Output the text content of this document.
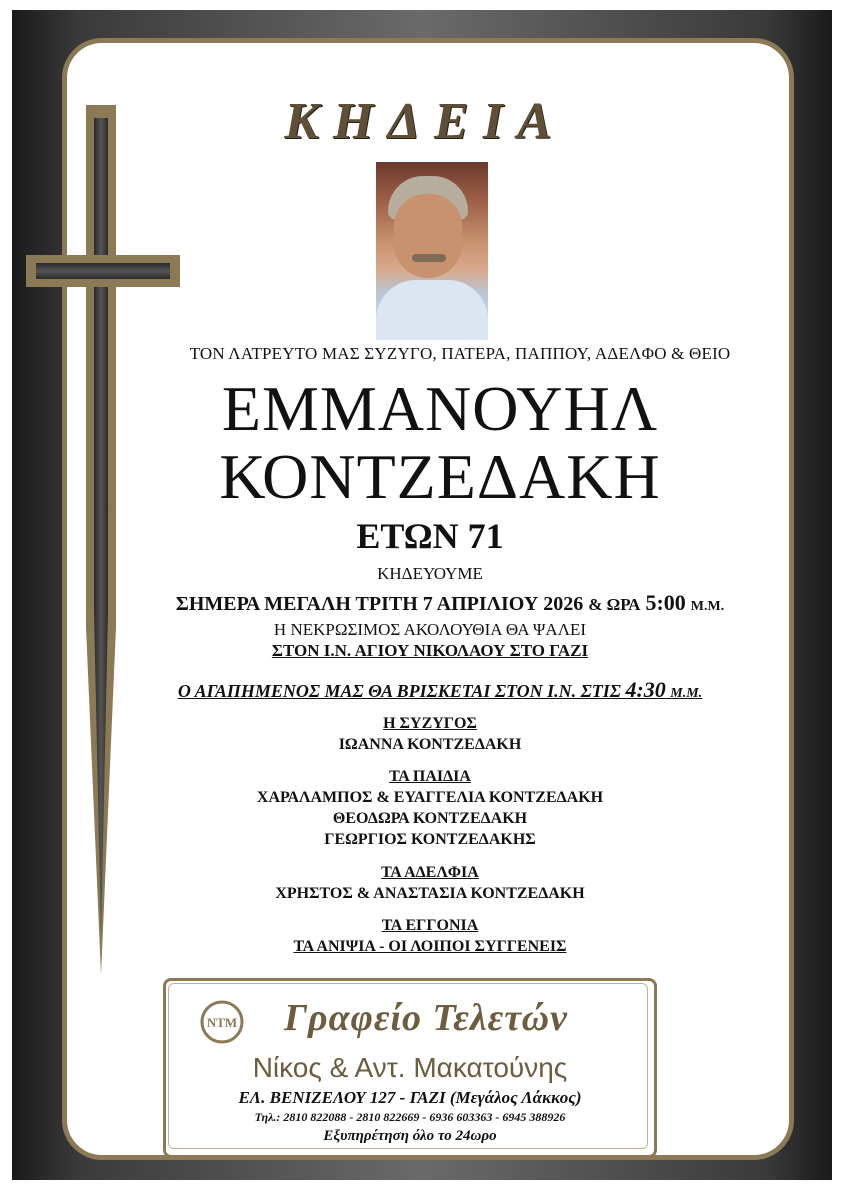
ΚΗΔΕΙΑ
ΤΟΝ ΛΑΤΡΕΥΤΟ ΜΑΣ ΣΥΖΥΓΟ, ΠΑΤΕΡΑ, ΠΑΠΠΟΥ, ΑΔΕΛΦΟ & ΘΕΙΟ
ΕΜΜΑΝΟΥΗΛ
ΚΟΝΤΖΕΔΑΚΗ
ΕΤΩΝ 71
ΚΗΔΕΥΟΥΜΕ
ΣΗΜΕΡΑ ΜΕΓΑΛΗ ΤΡΙΤΗ 7 ΑΠΡΙΛΙΟΥ 2026 & ΩΡΑ 5:00 Μ.Μ.
Η ΝΕΚΡΩΣΙΜΟΣ ΑΚΟΛΟΥΘΙΑ ΘΑ ΨΑΛΕΙ
ΣΤΟΝ Ι.Ν. ΑΓΙΟΥ ΝΙΚΟΛΑΟΥ ΣΤΟ ΓΑΖΙ
Ο ΑΓΑΠΗΜΕΝΟΣ ΜΑΣ ΘΑ ΒΡΙΣΚΕΤΑΙ ΣΤΟΝ Ι.Ν. ΣΤΙΣ 4:30 Μ.Μ.
Η ΣΥΖΥΓΟΣ
ΙΩΑΝΝΑ ΚΟΝΤΖΕΔΑΚΗ
ΤΑ ΠΑΙΔΙΑ
ΧΑΡΑΛΑΜΠΟΣ & ΕΥΑΓΓΕΛΙΑ ΚΟΝΤΖΕΔΑΚΗ
ΘΕΟΔΩΡΑ ΚΟΝΤΖΕΔΑΚΗ
ΓΕΩΡΓΙΟΣ ΚΟΝΤΖΕΔΑΚΗΣ
ΤΑ ΑΔΕΛΦΙΑ
ΧΡΗΣΤΟΣ & ΑΝΑΣΤΑΣΙΑ ΚΟΝΤΖΕΔΑΚΗ
ΤΑ ΕΓΓΟΝΙΑ
ΤΑ ΑΝΙΨΙΑ - ΟΙ ΛΟΙΠΟΙ ΣΥΓΓΕΝΕΙΣ
ΝΤΜ	Γραφείο Τελετών
Νίκος & Αντ. Μακατούνης
ΕΛ. ΒΕΝΙΖΕΛΟΥ 127 - ΓΑΖΙ (Μεγάλος Λάκκος)
Τηλ.: 2810 822088 - 2810 822669 - 6936 603363 - 6945 388926
Εξυπηρέτηση όλο το 24ωρο
